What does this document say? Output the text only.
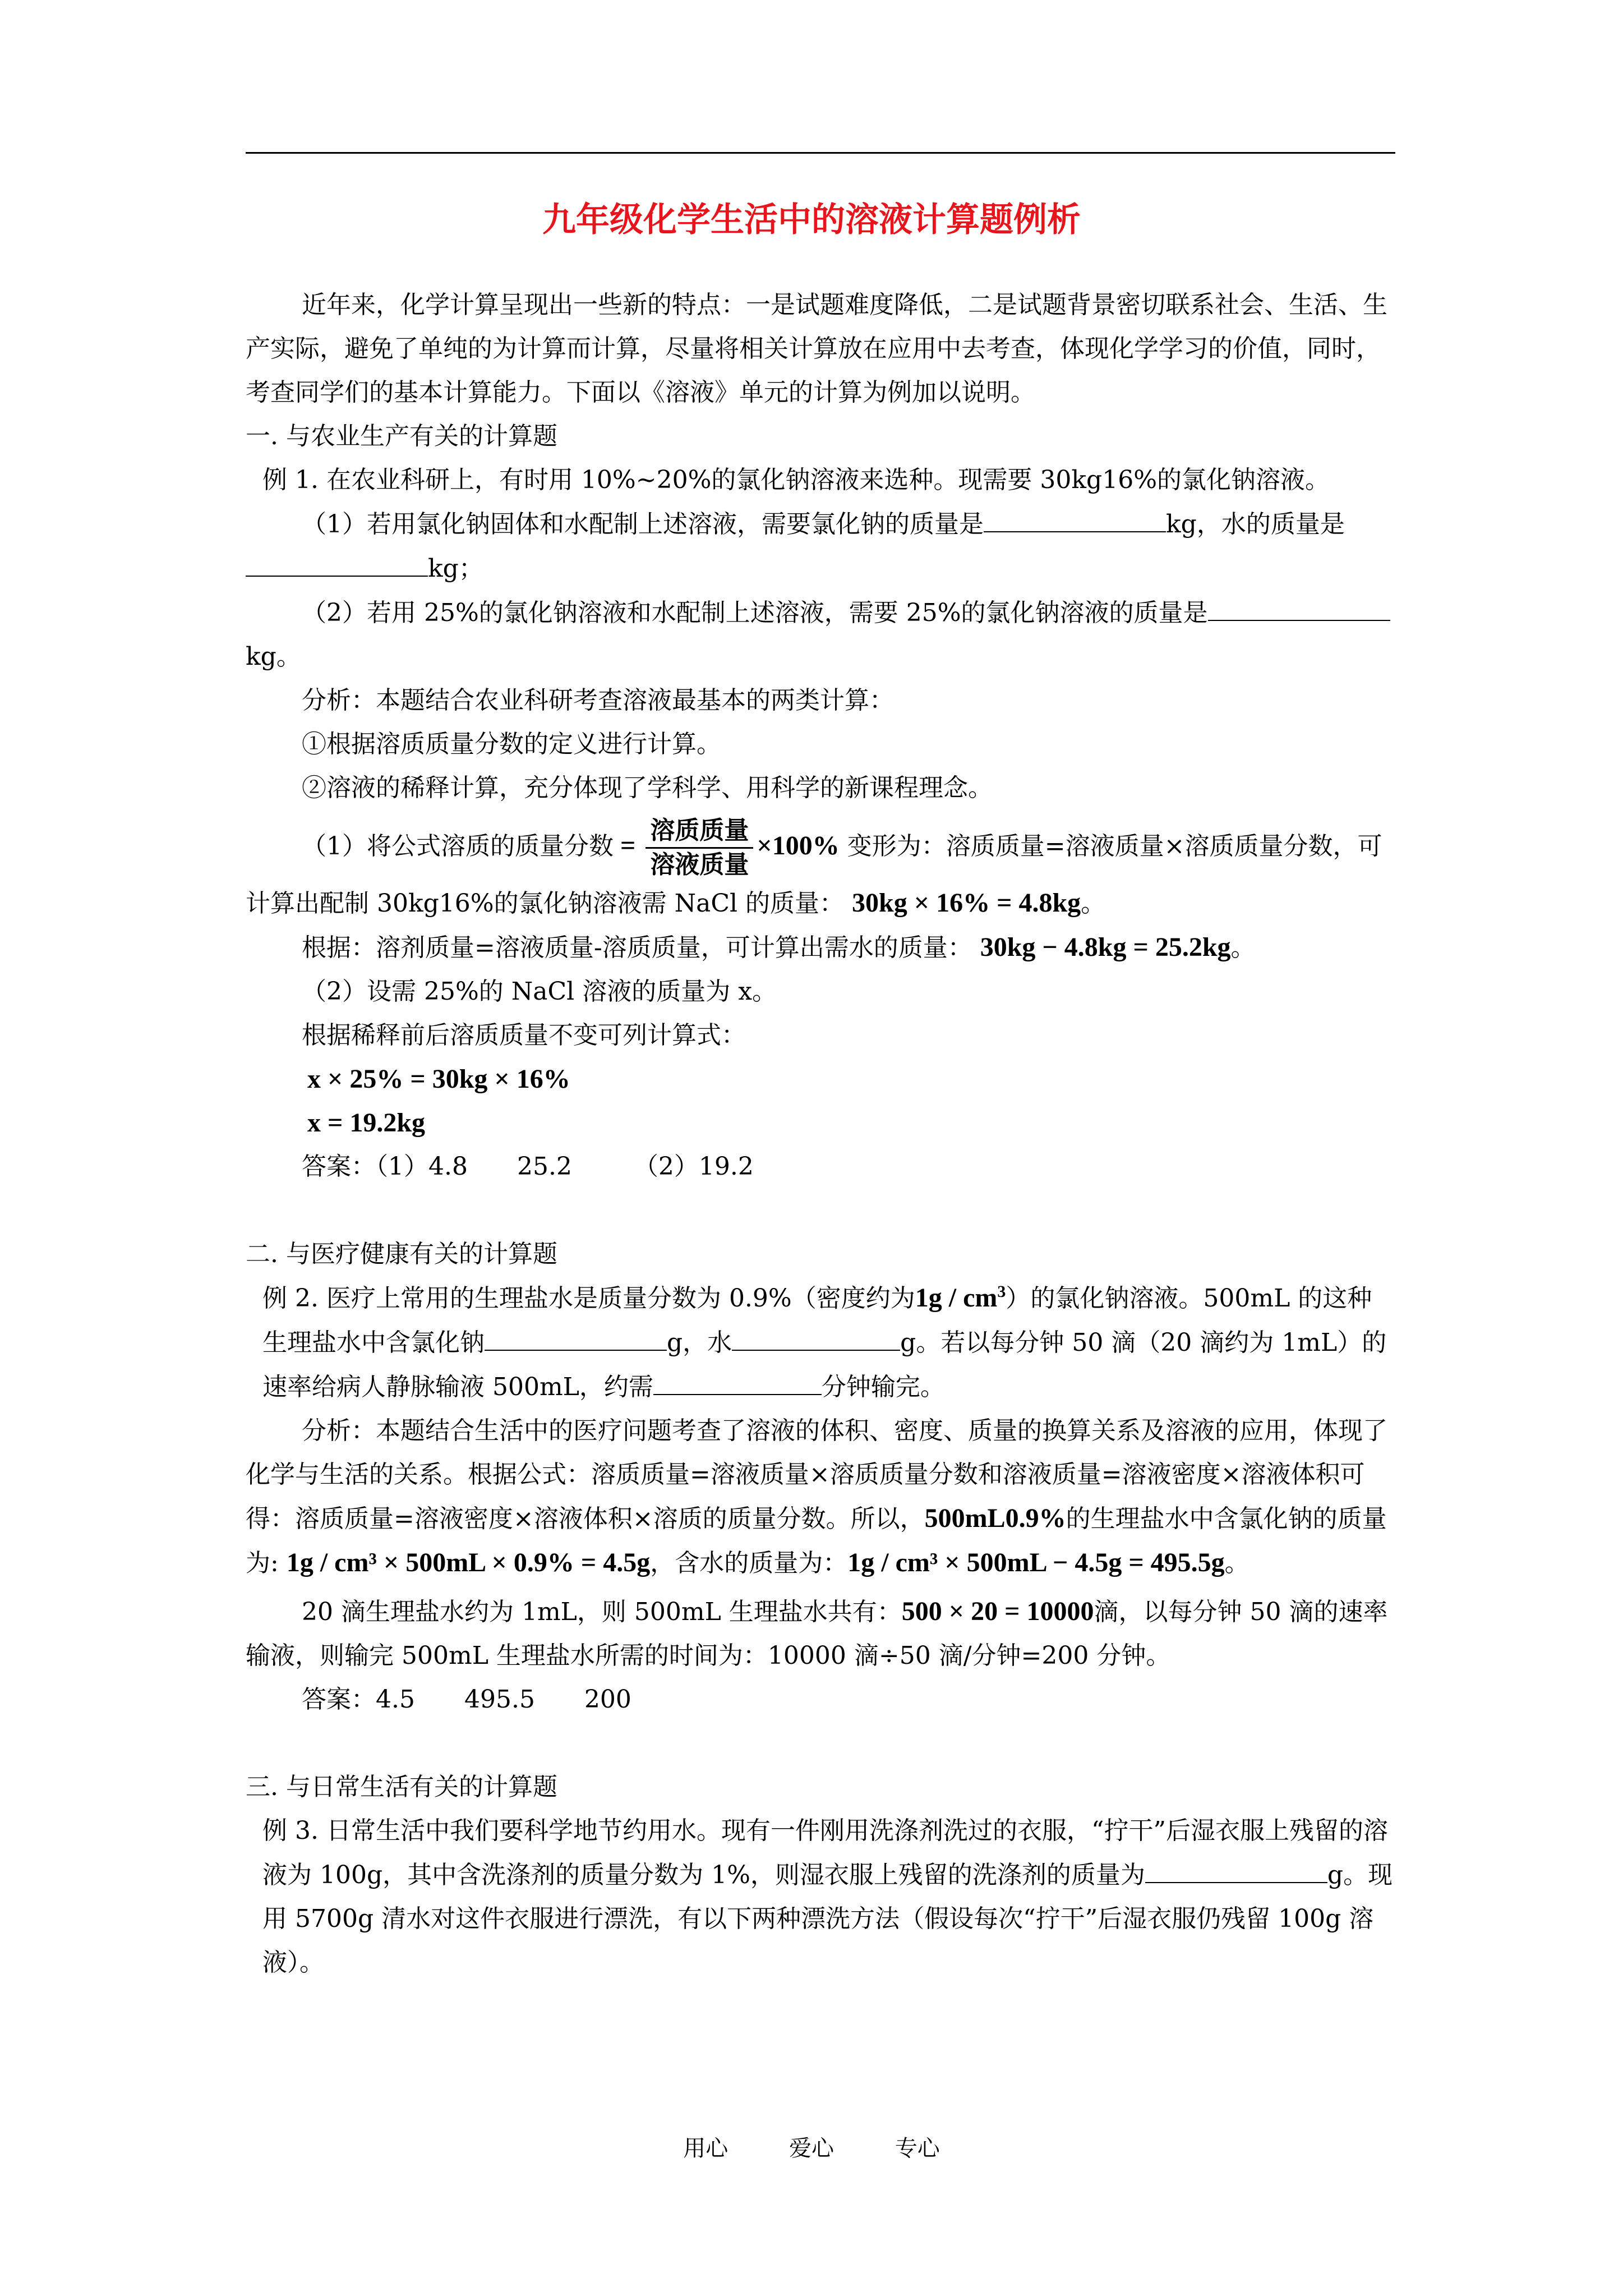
九年级化学生活中的溶液计算题例析

近年来，化学计算呈现出一些新的特点：一是试题难度降低，二是试题背景密切联系社会、生活、生产实际，避免了单纯的为计算而计算，尽量将相关计算放在应用中去考查，体现化学学习的价值，同时，考查同学们的基本计算能力。下面以《溶液》单元的计算为例加以说明。

一. 与农业生产有关的计算题

例 1. 在农业科研上，有时用 10%~20%的氯化钠溶液来选种。现需要 30kg16%的氯化钠溶液。

（1）若用氯化钠固体和水配制上述溶液，需要氯化钠的质量是	kg，水的质量是kg；

（2）若用 25%的氯化钠溶液和水配制上述溶液，需要 25%的氯化钠溶液的质量是kg。

分析：本题结合农业科研考查溶液最基本的两类计算：

①根据溶质质量分数的定义进行计算。

②溶液的稀释计算，充分体现了学科学、用科学的新课程理念。

（1）将公式溶质的质量分数 = $\frac{\text{溶质质量}}{\text{溶液质量}} \times 100\%$ 变形为：溶质质量=溶液质量×溶质质量分数，可计算出配制 30kg16%的氯化钠溶液需 NaCl 的质量： 30kg × 16% = 4.8kg。

根据：溶剂质量=溶液质量-溶质质量，可计算出需水的质量： 30kg − 4.8kg = 25.2kg。

（2）设需 25%的 NaCl 溶液的质量为 x。

根据稀释前后溶质质量不变可列计算式：

x × 25% = 30kg × 16%

x = 19.2kg

答案：（1）4.8　　25.2　　　（2）19.2

二. 与医疗健康有关的计算题

例 2. 医疗上常用的生理盐水是质量分数为 0.9%（密度约为$1g / cm^3$）的氯化钠溶液。500mL 的这种生理盐水中含氯化钠	g，水	g。若以每分钟 50 滴（20 滴约为 1mL）的速率给病人静脉输液 500mL，约需	分钟输完。

分析：本题结合生活中的医疗问题考查了溶液的体积、密度、质量的换算关系及溶液的应用，体现了化学与生活的关系。根据公式：溶质质量=溶液质量×溶质质量分数和溶液质量=溶液密度×溶液体积可得：溶质质量=溶液密度×溶液体积×溶质的质量分数。所以，500mL0.9%的生理盐水中含氯化钠的质量为: 1g / cm³ × 500mL × 0.9% = 4.5g，含水的质量为：1g / cm³ × 500mL − 4.5g = 495.5g。

20 滴生理盐水约为 1mL，则 500mL 生理盐水共有：500 × 20 = 10000滴，以每分钟 50 滴的速率输液，则输完 500mL 生理盐水所需的时间为：10000 滴÷50 滴/分钟=200 分钟。

答案：4.5　　495.5　　200

三. 与日常生活有关的计算题

例 3. 日常生活中我们要科学地节约用水。现有一件刚用洗涤剂洗过的衣服，“拧干”后湿衣服上残留的溶液为 100g，其中含洗涤剂的质量分数为 1%，则湿衣服上残留的洗涤剂的质量为	g。现用 5700g 清水对这件衣服进行漂洗，有以下两种漂洗方法（假设每次“拧干”后湿衣服仍残留 100g 溶液）。

用心	爱心	专心
